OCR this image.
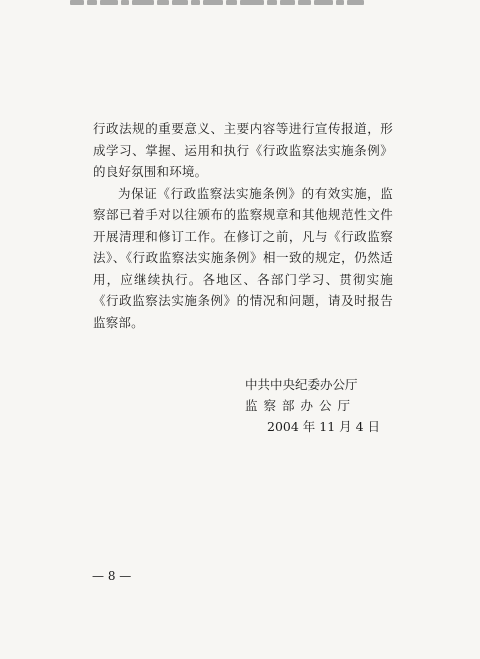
行政法规的重要意义、主要内容等进行宣传报道，形成学习、掌握、运用和执行《行政监察法实施条例》的良好氛围和环境。

为保证《行政监察法实施条例》的有效实施，监察部已着手对以往颁布的监察规章和其他规范性文件开展清理和修订工作。在修订之前，凡与《行政监察法》、《行政监察法实施条例》相一致的规定，仍然适用，应继续执行。各地区、各部门学习、贯彻实施《行政监察法实施条例》的情况和问题，请及时报告监察部。

中共中央纪委办公厅
监察部办公厅
2004 年 11 月 4 日
— 8 —
